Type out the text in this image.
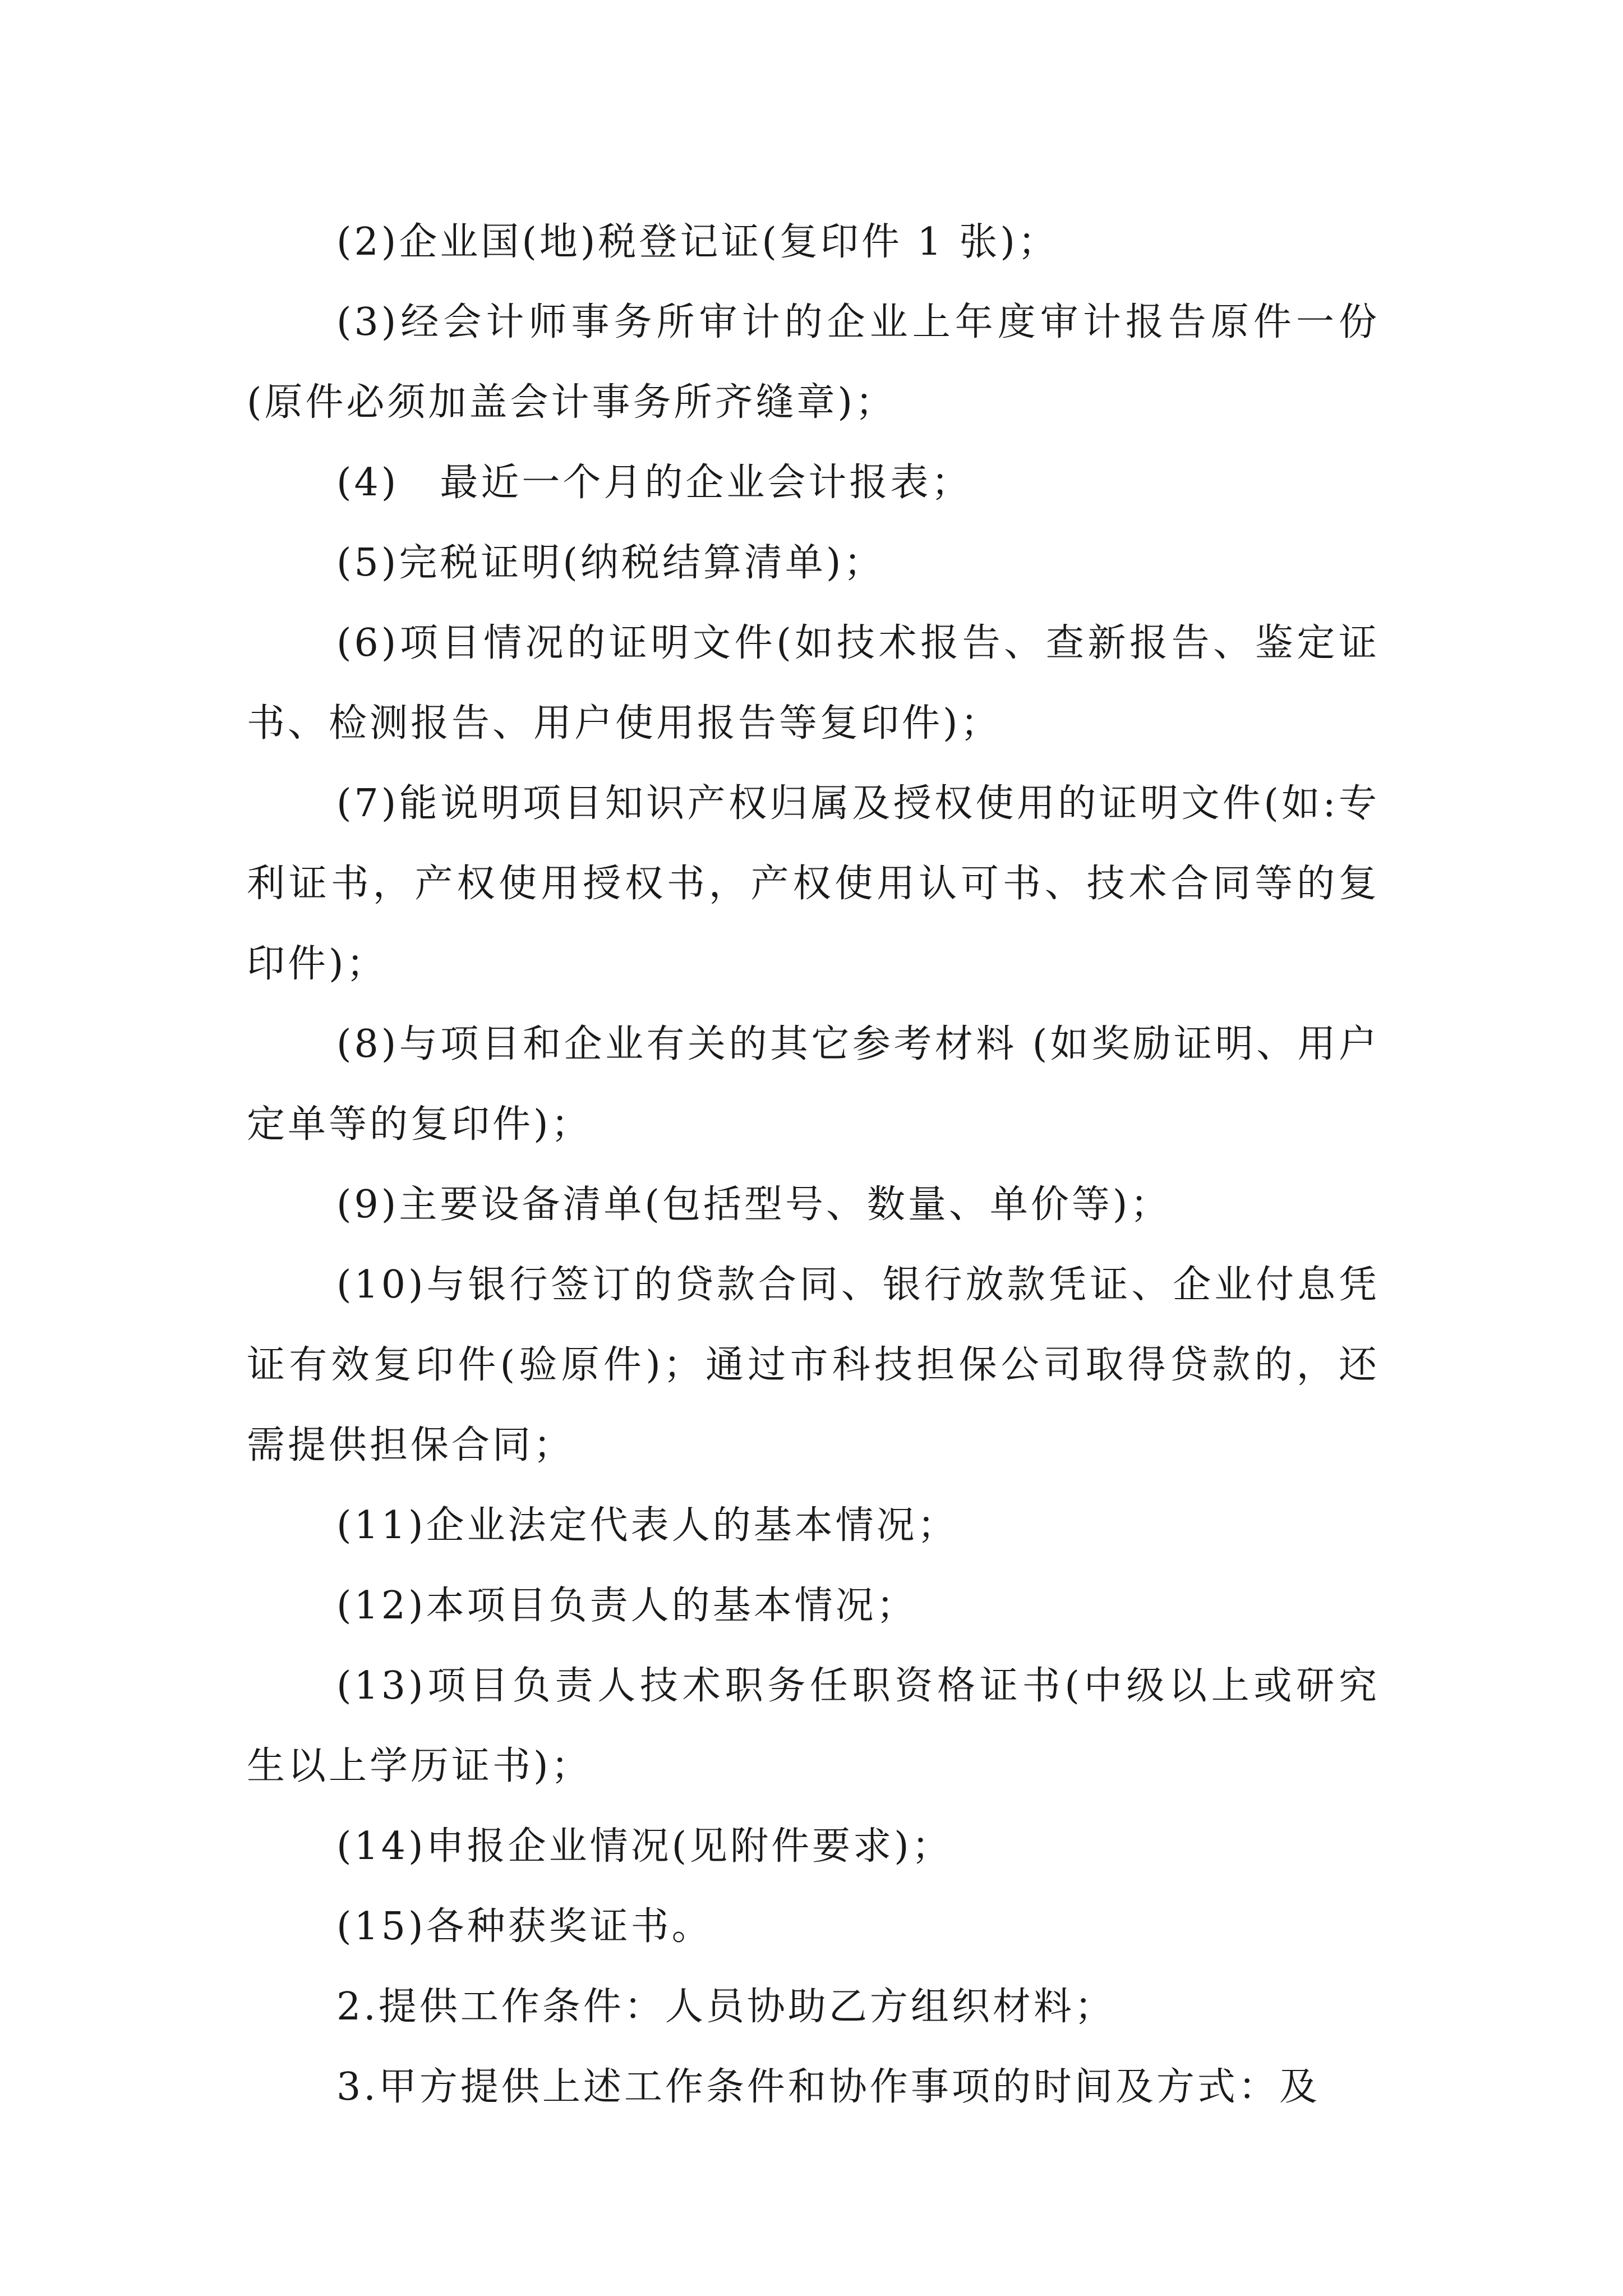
(2)企业国(地)税登记证(复印件 1 张)；

(3)经会计师事务所审计的企业上年度审计报告原件一份(原件必须加盖会计事务所齐缝章)；

(4)　最近一个月的企业会计报表；

(5)完税证明(纳税结算清单)；

(6)项目情况的证明文件(如技术报告、查新报告、鉴定证书、检测报告、用户使用报告等复印件)；

(7)能说明项目知识产权归属及授权使用的证明文件(如:专利证书，产权使用授权书，产权使用认可书、技术合同等的复印件)；

(8)与项目和企业有关的其它参考材料 (如奖励证明、用户定单等的复印件)；

(9)主要设备清单(包括型号、数量、单价等)；

(10)与银行签订的贷款合同、银行放款凭证、企业付息凭证有效复印件(验原件)；通过市科技担保公司取得贷款的，还需提供担保合同；

(11)企业法定代表人的基本情况；

(12)本项目负责人的基本情况；

(13)项目负责人技术职务任职资格证书(中级以上或研究生以上学历证书)；

(14)申报企业情况(见附件要求)；

(15)各种获奖证书。

2.提供工作条件：人员协助乙方组织材料；

3.甲方提供上述工作条件和协作事项的时间及方式：及
